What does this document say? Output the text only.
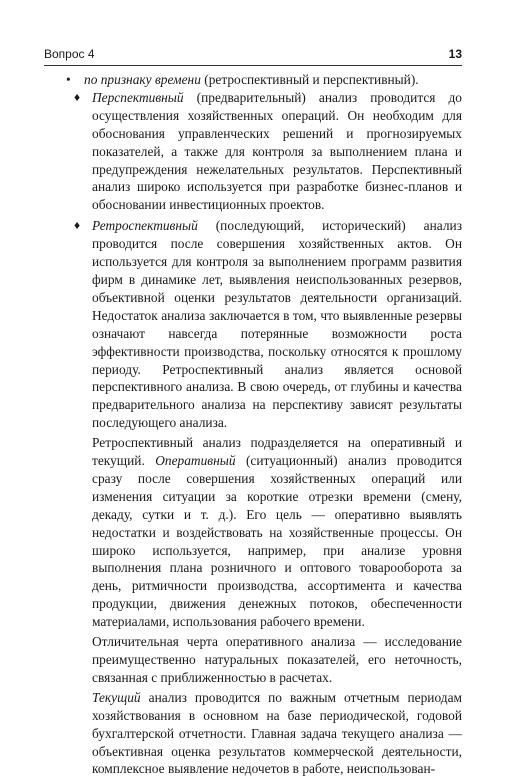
Вопрос 4	13

• по признаку времени (ретроспективный и перспективный).

♦ Перспективный (предварительный) анализ проводится до осуществления хозяйственных операций. Он необходим для обоснования управленческих решений и прогнозируемых показателей, а также для контроля за выполнением плана и предупреждения нежелательных результатов. Перспективный анализ широко используется при разработке бизнес-планов и обосновании инвестиционных проектов.

♦ Ретроспективный (последующий, исторический) анализ проводится после совершения хозяйственных актов. Он используется для контроля за выполнением программ развития фирм в динамике лет, выявления неиспользованных резервов, объективной оценки результатов деятельности организаций. Недостаток анализа заключается в том, что выявленные резервы означают навсегда потерянные возможности роста эффективности производства, поскольку относятся к прошлому периоду. Ретроспективный анализ является основой перспективного анализа. В свою очередь, от глубины и качества предварительного анализа на перспективу зависят результаты последующего анализа.

Ретроспективный анализ подразделяется на оперативный и текущий. Оперативный (ситуационный) анализ проводится сразу после совершения хозяйственных операций или изменения ситуации за короткие отрезки времени (смену, декаду, сутки и т. д.). Его цель — оперативно выявлять недостатки и воздействовать на хозяйственные процессы. Он широко используется, например, при анализе уровня выполнения плана розничного и оптового товарооборота за день, ритмичности производства, ассортимента и качества продукции, движения денежных потоков, обеспеченности материалами, использования рабочего времени.

Отличительная черта оперативного анализа — исследование преимущественно натуральных показателей, его неточность, связанная с приближенностью в расчетах.

Текущий анализ проводится по важным отчетным периодам хозяйствования в основном на базе периодической, годовой бухгалтерской отчетности. Главная задача текущего анализа — объективная оценка результатов коммерческой деятельности, комплексное выявление недочетов в работе, неиспользован-
